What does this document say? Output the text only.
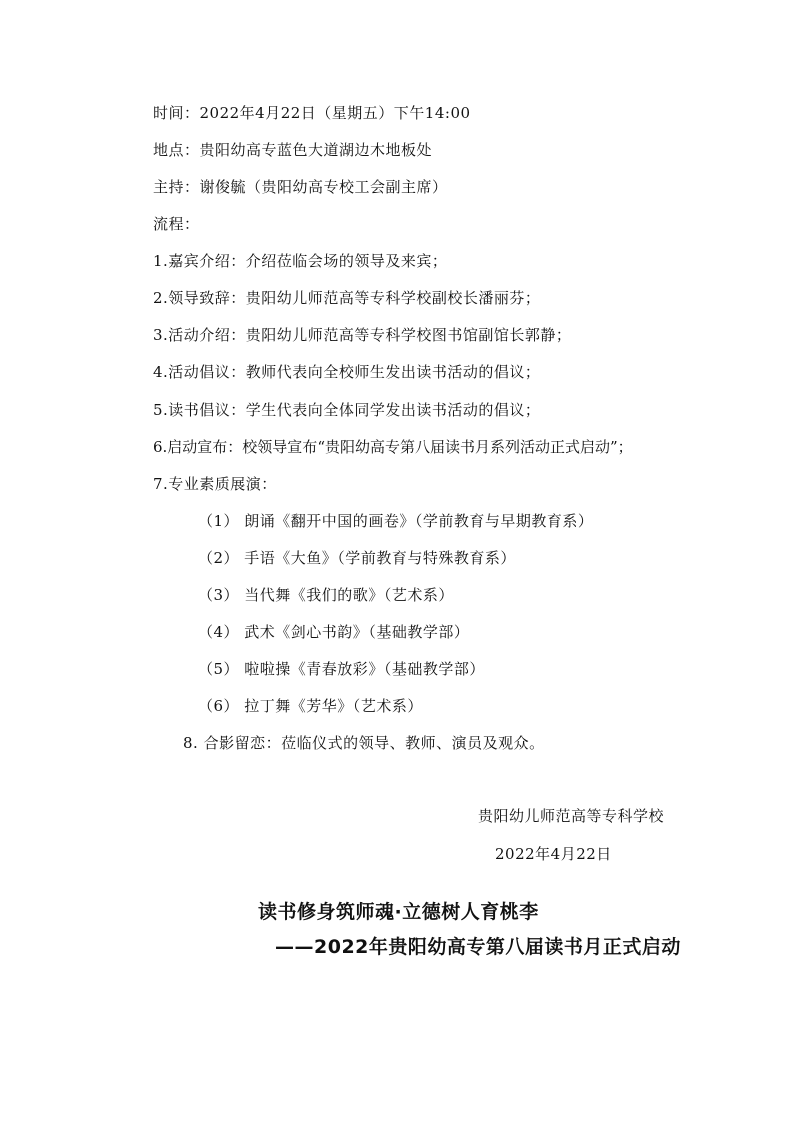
时间：2022年4月22日（星期五）下午14:00
地点：贵阳幼高专蓝色大道湖边木地板处
主持：谢俊毓（贵阳幼高专校工会副主席）
流程：
1.嘉宾介绍：介绍莅临会场的领导及来宾；
2.领导致辞：贵阳幼儿师范高等专科学校副校长潘丽芬；
3.活动介绍：贵阳幼儿师范高等专科学校图书馆副馆长郭静；
4.活动倡议：教师代表向全校师生发出读书活动的倡议；
5.读书倡议：学生代表向全体同学发出读书活动的倡议；
6.启动宣布：校领导宣布“贵阳幼高专第八届读书月系列活动正式启动”；
7.专业素质展演：
（1） 朗诵《翻开中国的画卷》（学前教育与早期教育系）
（2） 手语《大鱼》（学前教育与特殊教育系）
（3） 当代舞《我们的歌》（艺术系）
（4） 武术《剑心书韵》（基础教学部）
（5） 啦啦操《青春放彩》（基础教学部）
（6） 拉丁舞《芳华》（艺术系）
8. 合影留恋：莅临仪式的领导、教师、演员及观众。
贵阳幼儿师范高等专科学校
2022年4月22日
读书修身筑师魂·立德树人育桃李
——2022年贵阳幼高专第八届读书月正式启动
